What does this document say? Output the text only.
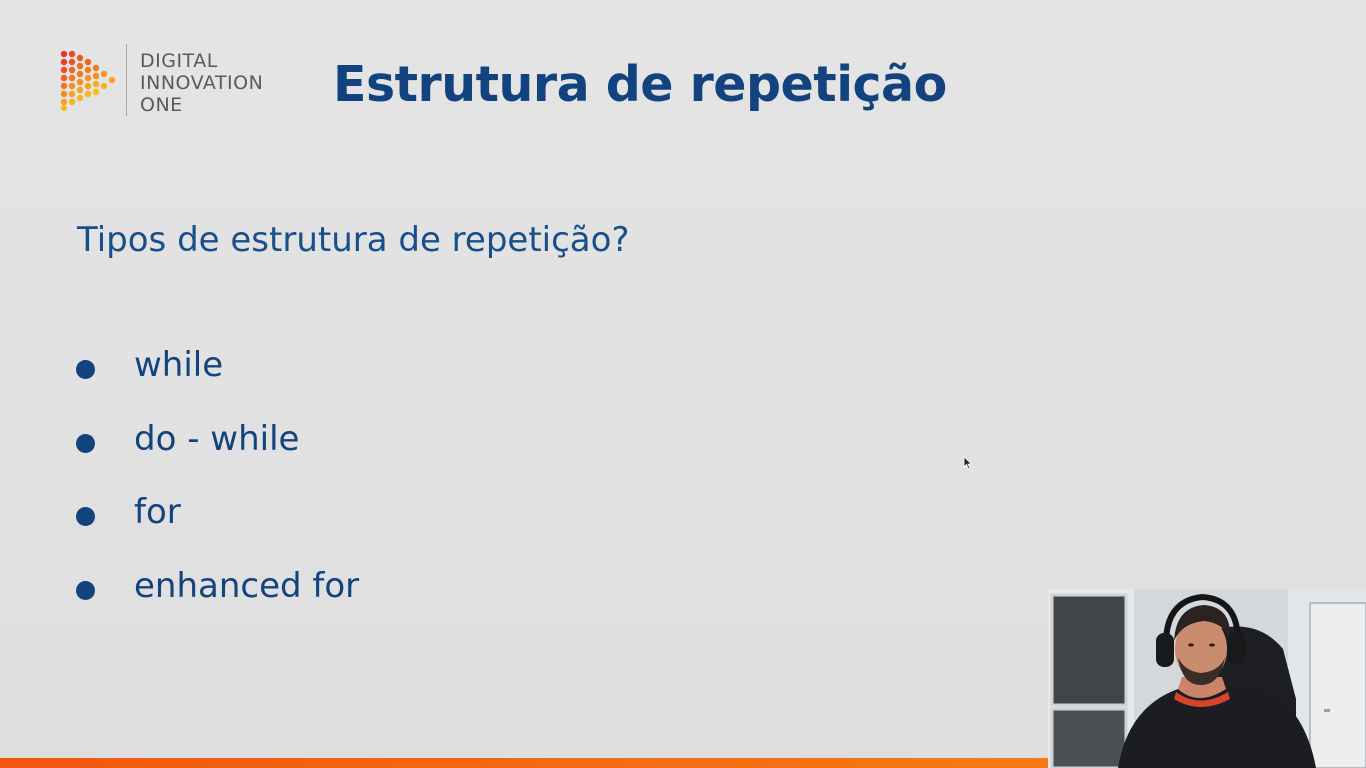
DIGITAL
INNOVATION
ONE	Estrutura de repetição
Tipos de estrutura de repetição?
while
do - while
for
enhanced for
